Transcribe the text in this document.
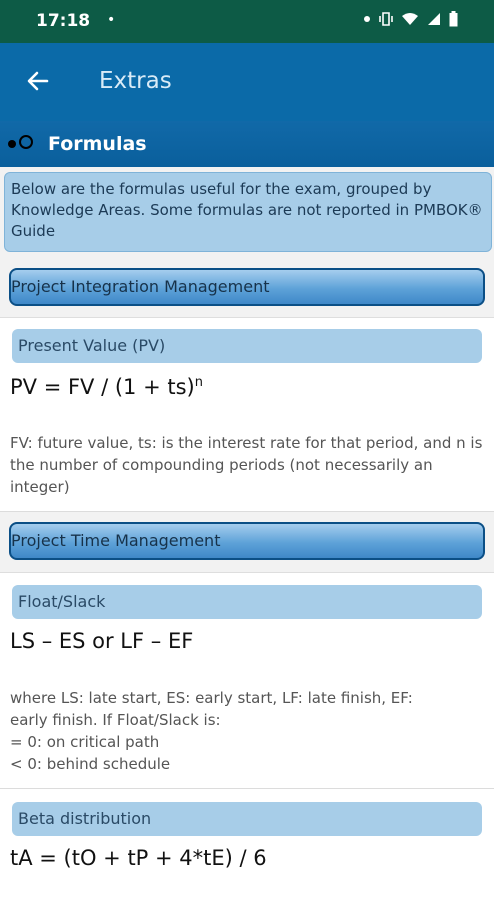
17:18 •
Extras
Formulas
Below are the formulas useful for the exam, grouped by Knowledge Areas. Some formulas are not reported in PMBOK® Guide
Project Integration Management
Present Value (PV)
PV = FV / (1 + ts)$^n$
FV: future value, ts: is the interest rate for that period, and n is the number of compounding periods (not necessarily an integer)
Project Time Management
Float/Slack
LS – ES or LF – EF
where LS: late start, ES: early start, LF: late finish, EF:
early finish. If Float/Slack is:
= 0: on critical path
< 0: behind schedule
Beta distribution
tA = (tO + tP + 4*tE) / 6
